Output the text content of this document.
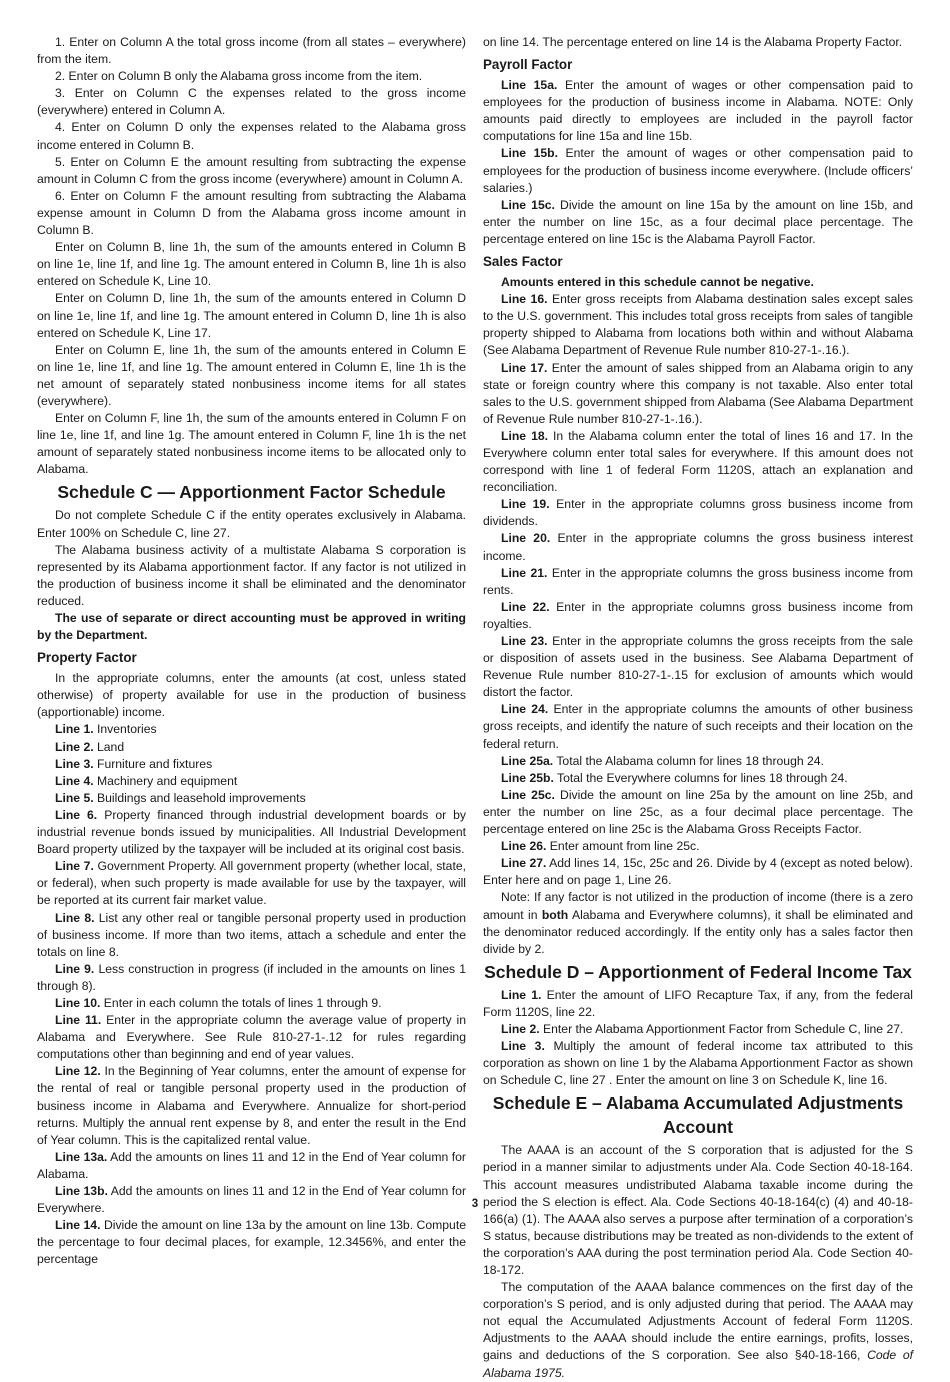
1. Enter on Column A the total gross income (from all states – everywhere) from the item.

2. Enter on Column B only the Alabama gross income from the item.

3. Enter on Column C the expenses related to the gross income (everywhere) entered in Column A.

4. Enter on Column D only the expenses related to the Alabama gross income entered in Column B.

5. Enter on Column E the amount resulting from subtracting the expense amount in Column C from the gross income (everywhere) amount in Column A.

6. Enter on Column F the amount resulting from subtracting the Alabama expense amount in Column D from the Alabama gross income amount in Column B.

Enter on Column B, line 1h, the sum of the amounts entered in Column B on line 1e, line 1f, and line 1g. The amount entered in Column B, line 1h is also entered on Schedule K, Line 10.

Enter on Column D, line 1h, the sum of the amounts entered in Column D on line 1e, line 1f, and line 1g. The amount entered in Column D, line 1h is also entered on Schedule K, Line 17.

Enter on Column E, line 1h, the sum of the amounts entered in Column E on line 1e, line 1f, and line 1g. The amount entered in Column E, line 1h is the net amount of separately stated nonbusiness income items for all states (everywhere).

Enter on Column F, line 1h, the sum of the amounts entered in Column F on line 1e, line 1f, and line 1g. The amount entered in Column F, line 1h is the net amount of separately stated nonbusiness income items to be allocated only to Alabama.

Schedule C — Apportionment Factor Schedule

Do not complete Schedule C if the entity operates exclusively in Alabama. Enter 100% on Schedule C, line 27.

The Alabama business activity of a multistate Alabama S corporation is represented by its Alabama apportionment factor. If any factor is not utilized in the production of business income it shall be eliminated and the denominator reduced.

The use of separate or direct accounting must be approved in writing by the Department.

Property Factor

In the appropriate columns, enter the amounts (at cost, unless stated otherwise) of property available for use in the production of business (apportionable) income.

Line 1. Inventories

Line 2. Land

Line 3. Furniture and fixtures

Line 4. Machinery and equipment

Line 5. Buildings and leasehold improvements

Line 6. Property financed through industrial development boards or by industrial revenue bonds issued by municipalities. All Industrial Development Board property utilized by the taxpayer will be included at its original cost basis.

Line 7. Government Property. All government property (whether local, state, or federal), when such property is made available for use by the taxpayer, will be reported at its current fair market value.

Line 8. List any other real or tangible personal property used in production of business income. If more than two items, attach a schedule and enter the totals on line 8.

Line 9. Less construction in progress (if included in the amounts on lines 1 through 8).

Line 10. Enter in each column the totals of lines 1 through 9.

Line 11. Enter in the appropriate column the average value of property in Alabama and Everywhere. See Rule 810-27-1-.12 for rules regarding computations other than beginning and end of year values.

Line 12. In the Beginning of Year columns, enter the amount of expense for the rental of real or tangible personal property used in the production of business income in Alabama and Everywhere. Annualize for short-period returns. Multiply the annual rent expense by 8, and enter the result in the End of Year column. This is the capitalized rental value.

Line 13a. Add the amounts on lines 11 and 12 in the End of Year column for Alabama.

Line 13b. Add the amounts on lines 11 and 12 in the End of Year column for Everywhere.

Line 14. Divide the amount on line 13a by the amount on line 13b. Compute the percentage to four decimal places, for example, 12.3456%, and enter the percentage

on line 14. The percentage entered on line 14 is the Alabama Property Factor.

Payroll Factor

Line 15a. Enter the amount of wages or other compensation paid to employees for the production of business income in Alabama. NOTE: Only amounts paid directly to employees are included in the payroll factor computations for line 15a and line 15b.

Line 15b. Enter the amount of wages or other compensation paid to employees for the production of business income everywhere. (Include officers’ salaries.)

Line 15c. Divide the amount on line 15a by the amount on line 15b, and enter the number on line 15c, as a four decimal place percentage. The percentage entered on line 15c is the Alabama Payroll Factor.

Sales Factor

Amounts entered in this schedule cannot be negative.

Line 16. Enter gross receipts from Alabama destination sales except sales to the U.S. government. This includes total gross receipts from sales of tangible property shipped to Alabama from locations both within and without Alabama (See Alabama Department of Revenue Rule number 810-27-1-.16.).

Line 17. Enter the amount of sales shipped from an Alabama origin to any state or foreign country where this company is not taxable. Also enter total sales to the U.S. government shipped from Alabama (See Alabama Department of Revenue Rule number 810-27-1-.16.).

Line 18. In the Alabama column enter the total of lines 16 and 17. In the Everywhere column enter total sales for everywhere. If this amount does not correspond with line 1 of federal Form 1120S, attach an explanation and reconciliation.

Line 19. Enter in the appropriate columns gross business income from dividends.

Line 20. Enter in the appropriate columns the gross business interest income.

Line 21. Enter in the appropriate columns the gross business income from rents.

Line 22. Enter in the appropriate columns gross business income from royalties.

Line 23. Enter in the appropriate columns the gross receipts from the sale or disposition of assets used in the business. See Alabama Department of Revenue Rule number 810-27-1-.15 for exclusion of amounts which would distort the factor.

Line 24. Enter in the appropriate columns the amounts of other business gross receipts, and identify the nature of such receipts and their location on the federal return.

Line 25a. Total the Alabama column for lines 18 through 24.

Line 25b. Total the Everywhere columns for lines 18 through 24.

Line 25c. Divide the amount on line 25a by the amount on line 25b, and enter the number on line 25c, as a four decimal place percentage. The percentage entered on line 25c is the Alabama Gross Receipts Factor.

Line 26. Enter amount from line 25c.

Line 27. Add lines 14, 15c, 25c and 26. Divide by 4 (except as noted below). Enter here and on page 1, Line 26.

Note: If any factor is not utilized in the production of income (there is a zero amount in both Alabama and Everywhere columns), it shall be eliminated and the denominator reduced accordingly. If the entity only has a sales factor then divide by 2.

Schedule D – Apportionment of Federal Income Tax

Line 1. Enter the amount of LIFO Recapture Tax, if any, from the federal Form 1120S, line 22.

Line 2. Enter the Alabama Apportionment Factor from Schedule C, line 27.

Line 3. Multiply the amount of federal income tax attributed to this corporation as shown on line 1 by the Alabama Apportionment Factor as shown on Schedule C, line 27 . Enter the amount on line 3 on Schedule K, line 16.

Schedule E – Alabama Accumulated Adjustments Account

The AAAA is an account of the S corporation that is adjusted for the S period in a manner similar to adjustments under Ala. Code Section 40-18-164. This account measures undistributed Alabama taxable income during the period the S election is effect. Ala. Code Sections 40-18-164(c) (4) and 40-18-166(a) (1). The AAAA also serves a purpose after termination of a corporation’s S status, because distributions may be treated as non-dividends to the extent of the corporation’s AAA during the post termination period Ala. Code Section 40-18-172.

The computation of the AAAA balance commences on the first day of the corporation’s S period, and is only adjusted during that period. The AAAA may not equal the Accumulated Adjustments Account of federal Form 1120S. Adjustments to the AAAA should include the entire earnings, profits, losses, gains and deductions of the S corporation. See also §40-18-166, Code of Alabama 1975.

3
